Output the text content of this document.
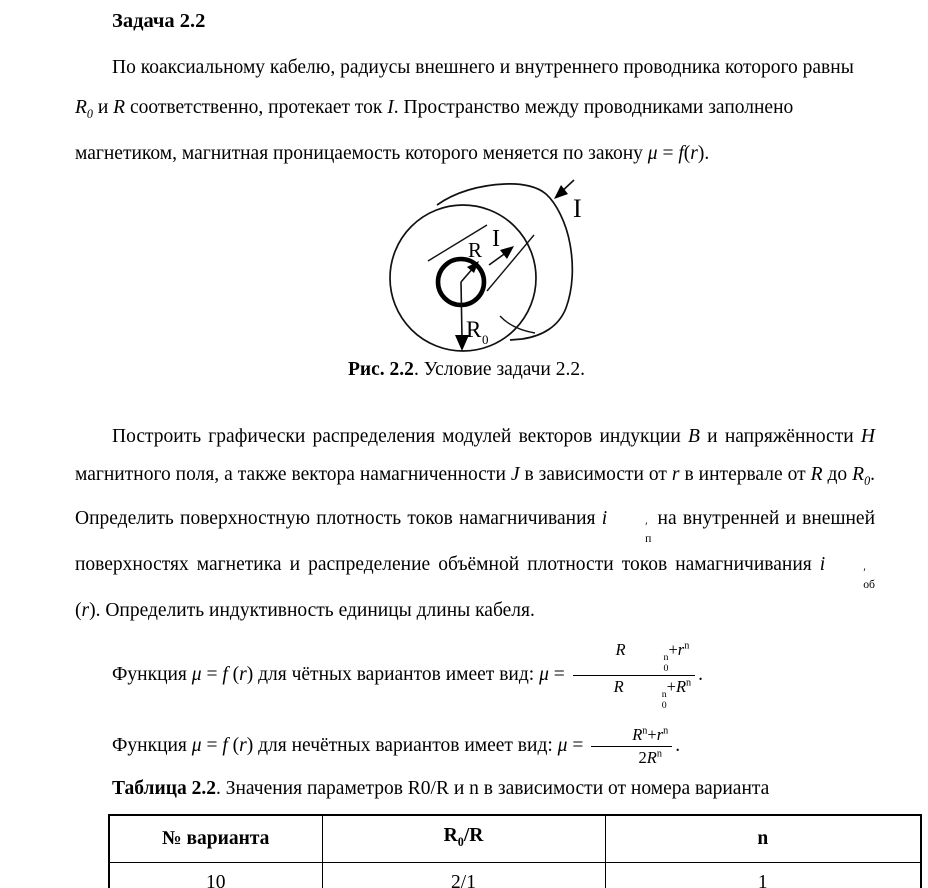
Задача 2.2

По коаксиальному кабелю, радиусы внешнего и внутреннего проводника которого равны $R_0$ и R соответственно, протекает ток I. Пространство между проводниками заполнено магнетиком, магнитная проницаемость которого меняется по закону μ = f(r).

R I
R 0
I

Рис. 2.2. Условие задачи 2.2.

Построить графически распределения модулей векторов индукции B и напряжённости H магнитного поля, а также вектора намагниченности J в зависимости от r в интервале от R до $R_0$. Определить поверхностную плотность токов намагничивания i	′
п
на внутренней и внешней поверхностях магнетика и распределение объёмной плотности токов намагничивания i	′
об
(r). Определить индуктивность единицы длины кабеля.

Функция μ = f (r) для чётных вариантов имеет вид: μ = R	n
0
$+r^n$
R	n
0
$+R^n$ .

Функция μ = f (r) для нечётных вариантов имеет вид: $\mu = \frac{R^n+r^n}{2R^n}$ .

Таблица 2.2. Значения параметров R0/R и n в зависимости от номера варианта

№ варианта	$R_0/R$	n
10	2/1	1
